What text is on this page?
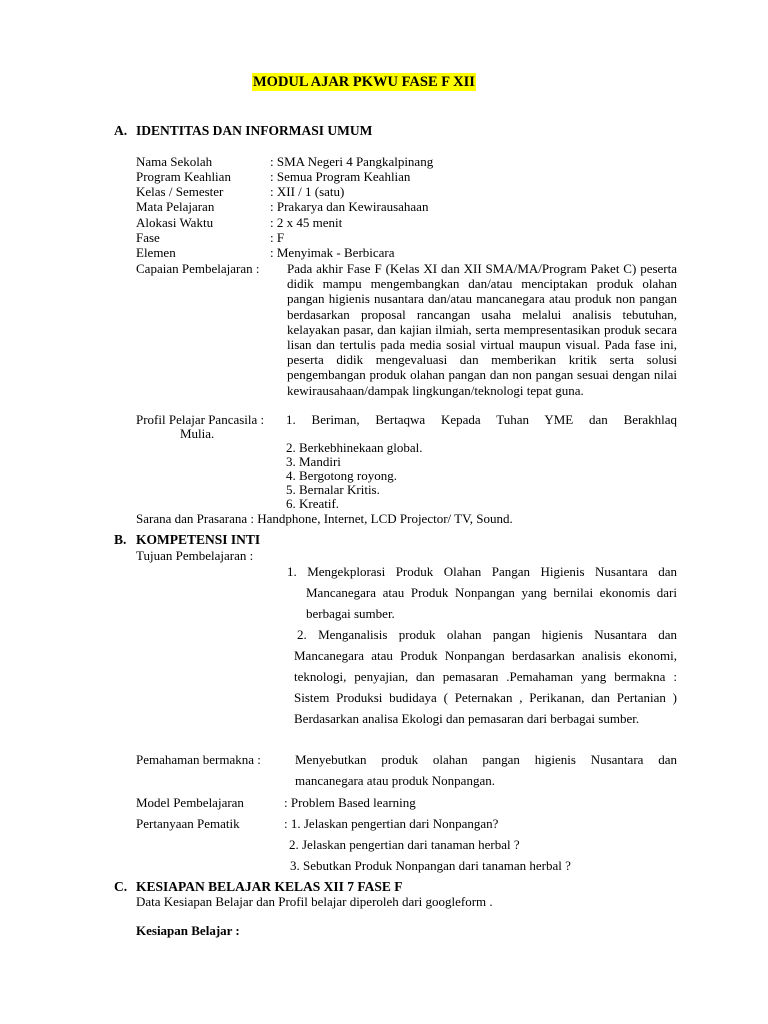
MODUL AJAR PKWU FASE F XII
A. IDENTITAS DAN INFORMASI UMUM
Nama Sekolah	: SMA Negeri 4 Pangkalpinang
Program Keahlian	: Semua Program Keahlian
Kelas / Semester	: XII / 1 (satu)
Mata Pelajaran	: Prakarya dan Kewirausahaan
Alokasi Waktu	: 2 x 45 menit
Fase	: F
Elemen	: Menyimak - Berbicara
Capaian Pembelajaran : Pada akhir Fase F (Kelas XI dan XII SMA/MA/Program Paket C) peserta didik mampu mengembangkan dan/atau menciptakan produk olahan pangan higienis nusantara dan/atau mancanegara atau produk non pangan berdasarkan proposal rancangan usaha melalui analisis tebutuhan, kelayakan pasar, dan kajian ilmiah, serta mempresentasikan produk secara lisan dan tertulis pada media sosial virtual maupun visual. Pada fase ini, peserta didik mengevaluasi dan memberikan kritik serta solusi pengembangan produk olahan pangan dan non pangan sesuai dengan nilai kewirausahaan/dampak lingkungan/teknologi tepat guna.
Profil Pelajar Pancasila : 1. Beriman, Bertaqwa Kepada Tuhan YME dan Berakhlaq
Mulia.
2. Berkebhinekaan global.
3. Mandiri
4. Bergotong royong.
5. Bernalar Kritis.
6. Kreatif.
Sarana dan Prasarana : Handphone, Internet, LCD Projector/ TV, Sound.
B. KOMPETENSI INTI
Tujuan Pembelajaran :
1. Mengekplorasi Produk Olahan Pangan Higienis Nusantara dan Mancanegara atau Produk Nonpangan yang bernilai ekonomis dari berbagai sumber.
2. Menganalisis produk olahan pangan higienis Nusantara dan Mancanegara atau Produk Nonpangan berdasarkan analisis ekonomi, teknologi, penyajian, dan pemasaran .Pemahaman yang bermakna : Sistem Produksi budidaya ( Peternakan , Perikanan, dan Pertanian ) Berdasarkan analisa Ekologi dan pemasaran dari berbagai sumber.
Pemahaman bermakna :	Menyebutkan produk olahan pangan higienis Nusantara dan mancanegara atau produk Nonpangan.
Model Pembelajaran	: Problem Based learning
Pertanyaan Pematik	: 1. Jelaskan pengertian dari Nonpangan?
2. Jelaskan pengertian dari tanaman herbal ?
3. Sebutkan Produk Nonpangan dari tanaman herbal ?
C. KESIAPAN BELAJAR KELAS XII 7 FASE F
Data Kesiapan Belajar dan Profil belajar diperoleh dari googleform .
Kesiapan Belajar :
